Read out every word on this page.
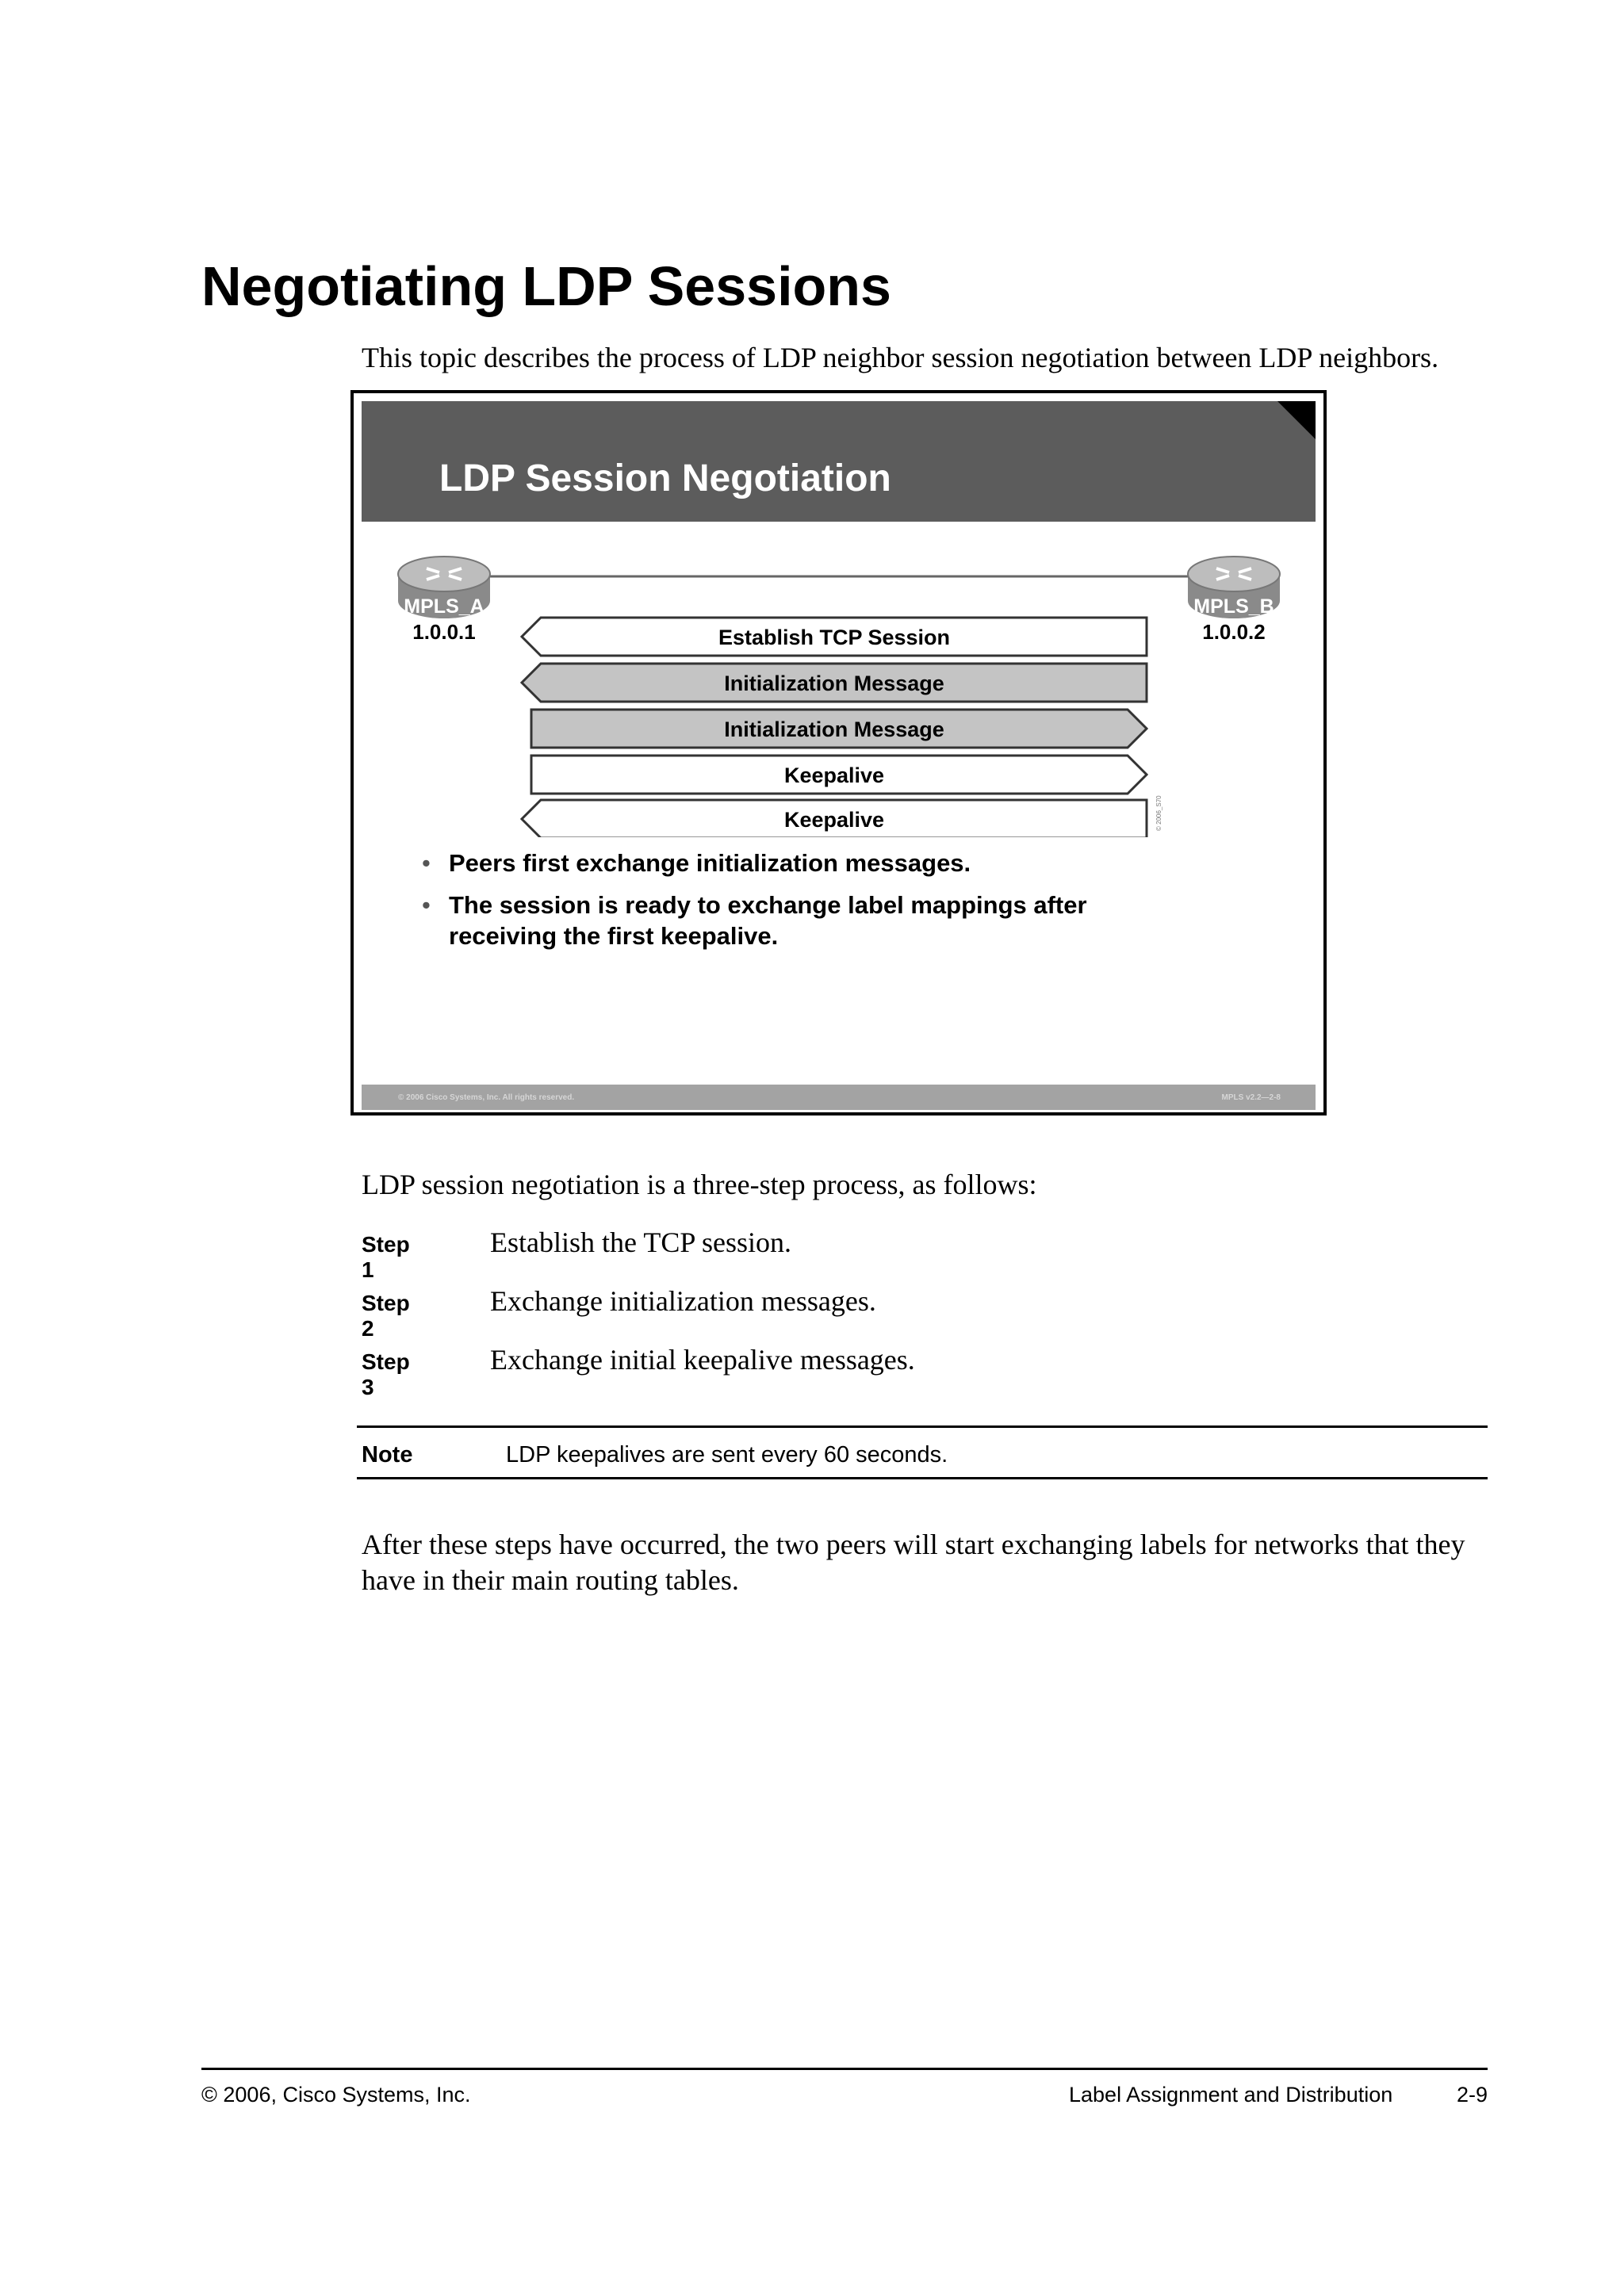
Negotiating LDP Sessions

This topic describes the process of LDP neighbor session negotiation between LDP neighbors.

LDP Session Negotiation
MPLS_A
1.0.0.1
MPLS_B
1.0.0.2
Establish TCP Session
Initialization Message
Initialization Message
Keepalive
Keepalive	© 2006_S70
• Peers first exchange initialization messages.
• The session is ready to exchange label mappings after receiving the first keepalive.
© 2006 Cisco Systems, Inc. All rights reserved.	MPLS v2.2—2-8

LDP session negotiation is a three-step process, as follows:

Step 1
Establish the TCP session.
Step 2
Exchange initialization messages.
Step 3
Exchange initial keepalive messages.
Note	LDP keepalives are sent every 60 seconds.

After these steps have occurred, the two peers will start exchanging labels for networks that they have in their main routing tables.

© 2006, Cisco Systems, Inc.	Label Assignment and Distribution	2-9
